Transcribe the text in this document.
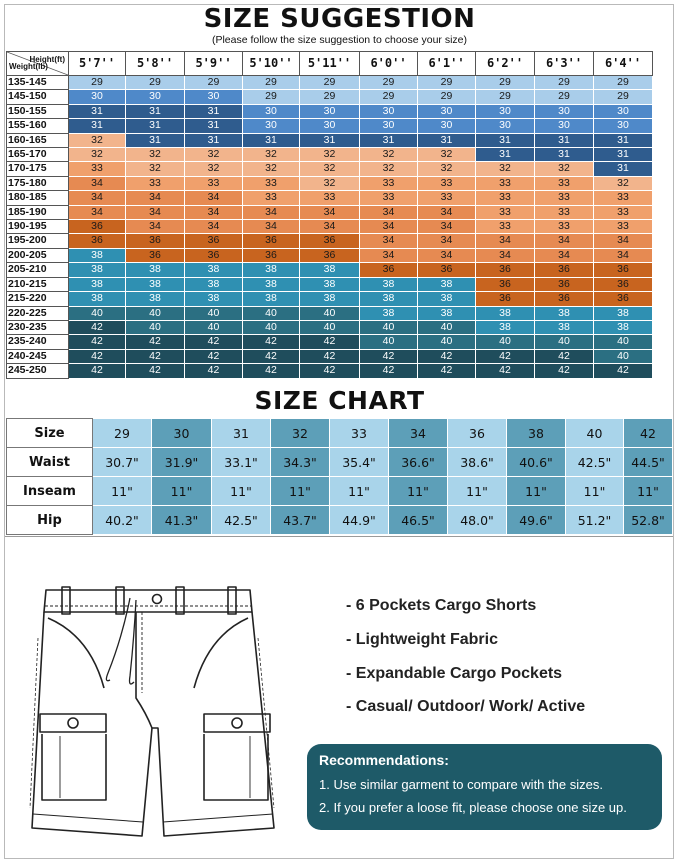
SIZE SUGGESTION
(Please follow the size suggestion to choose your size)
Height(ft)
Weight(lb)	5'7''	5'8''	5'9''	5'10''	5'11''	6'0''	6'1''	6'2''	6'3''	6'4''
135-145	29	29	29	29	29	29	29	29	29	29
145-150	30	30	30	29	29	29	29	29	29	29
150-155	31	31	31	30	30	30	30	30	30	30
155-160	31	31	31	30	30	30	30	30	30	30
160-165	32	31	31	31	31	31	31	31	31	31
165-170	32	32	32	32	32	32	32	31	31	31
170-175	33	32	32	32	32	32	32	32	32	31
175-180	34	33	33	33	32	33	33	33	33	32
180-185	34	34	34	33	33	33	33	33	33	33
185-190	34	34	34	34	34	34	34	33	33	33
190-195	36	34	34	34	34	34	34	33	33	33
195-200	36	36	36	36	36	34	34	34	34	34
200-205	38	36	36	36	36	34	34	34	34	34
205-210	38	38	38	38	38	36	36	36	36	36
210-215	38	38	38	38	38	38	38	36	36	36
215-220	38	38	38	38	38	38	38	36	36	36
220-225	40	40	40	40	40	38	38	38	38	38
230-235	42	40	40	40	40	40	40	38	38	38
235-240	42	42	42	42	42	40	40	40	40	40
240-245	42	42	42	42	42	42	42	42	42	40
245-250	42	42	42	42	42	42	42	42	42	42
SIZE CHART
Size	29	30	31	32	33	34	36	38	40	42
Waist	30.7"	31.9"	33.1"	34.3"	35.4"	36.6"	38.6"	40.6"	42.5"	44.5"
Inseam	11"	11"	11"	11"	11"	11"	11"	11"	11"	11"
Hip	40.2"	41.3"	42.5"	43.7"	44.9"	46.5"	48.0"	49.6"	51.2"	52.8"
- 6 Pockets Cargo Shorts
- Lightweight Fabric
- Expandable Cargo Pockets
- Casual/ Outdoor/ Work/ Active
Recommendations:
1. Use similar garment to compare with the sizes.
2. If you prefer a loose fit, please choose one size up.
